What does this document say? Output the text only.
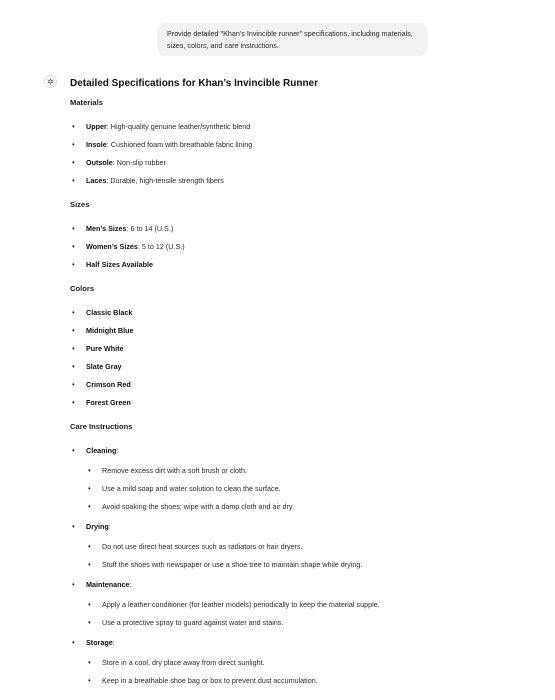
Provide detailed "Khan's Invincible runner" specifications, including materials, sizes, colors, and care instructions.
Detailed Specifications for Khan’s Invincible Runner
Materials
• Upper: High-quality genuine leather/synthetic blend
• Insole: Cushioned foam with breathable fabric lining
• Outsole: Non-slip rubber
• Laces: Durable, high-tensile strength fibers
Sizes
• Men’s Sizes: 6 to 14 (U.S.)
• Women’s Sizes: 5 to 12 (U.S.)
• Half Sizes Available
Colors
• Classic Black
• Midnight Blue
• Pure White
• Slate Gray
• Crimson Red
• Forest Green
Care Instructions
• Cleaning:
• Remove excess dirt with a soft brush or cloth.
• Use a mild soap and water solution to clean the surface.
• Avoid soaking the shoes; wipe with a damp cloth and air dry.
• Drying:
• Do not use direct heat sources such as radiators or hair dryers.
• Stuff the shoes with newspaper or use a shoe tree to maintain shape while drying.
• Maintenance:
• Apply a leather conditioner (for leather models) periodically to keep the material supple.
• Use a protective spray to guard against water and stains.
• Storage:
• Store in a cool, dry place away from direct sunlight.
• Keep in a breathable shoe bag or box to prevent dust accumulation.
